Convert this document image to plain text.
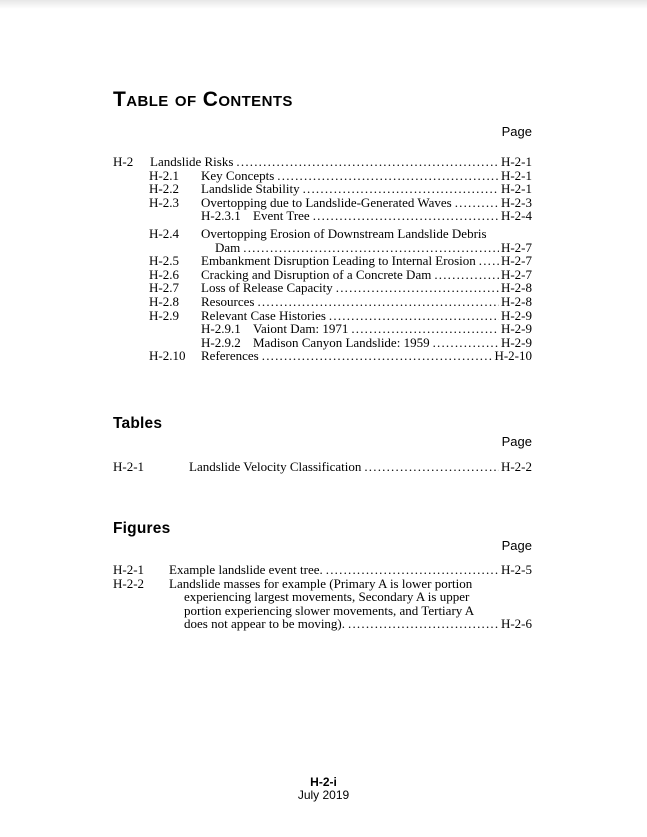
Table of Contents
Page
H-2	Landslide Risks .....	H-2-1
H-2.1	Key Concepts .....	H-2-1
H-2.2	Landslide Stability .....	H-2-1
H-2.3	Overtopping due to Landslide-Generated Waves .....	H-2-3
H-2.3.1 Event Tree .....	H-2-4
H-2.4	Overtopping Erosion of Downstream Landslide Debris
Dam .....	H-2-7
H-2.5	Embankment Disruption Leading to Internal Erosion ..... H-2-7
H-2.6	Cracking and Disruption of a Concrete Dam .....	H-2-7
H-2.7	Loss of Release Capacity .....	H-2-8
H-2.8	Resources .....	H-2-8
H-2.9	Relevant Case Histories .....	H-2-9
H-2.9.1 Vaiont Dam: 1971 .....	H-2-9
H-2.9.2 Madison Canyon Landslide: 1959 .....	H-2-9
H-2.10	References .....	H-2-10
Tables
Page
H-2-1	Landslide Velocity Classification .....	H-2-2
Figures
Page
H-2-1	Example landslide event tree. .....	H-2-5
H-2-2	Landslide masses for example (Primary A is lower portion
experiencing largest movements, Secondary A is upper
portion experiencing slower movements, and Tertiary A
does not appear to be moving). .....	H-2-6
H-2-i
July 2019
